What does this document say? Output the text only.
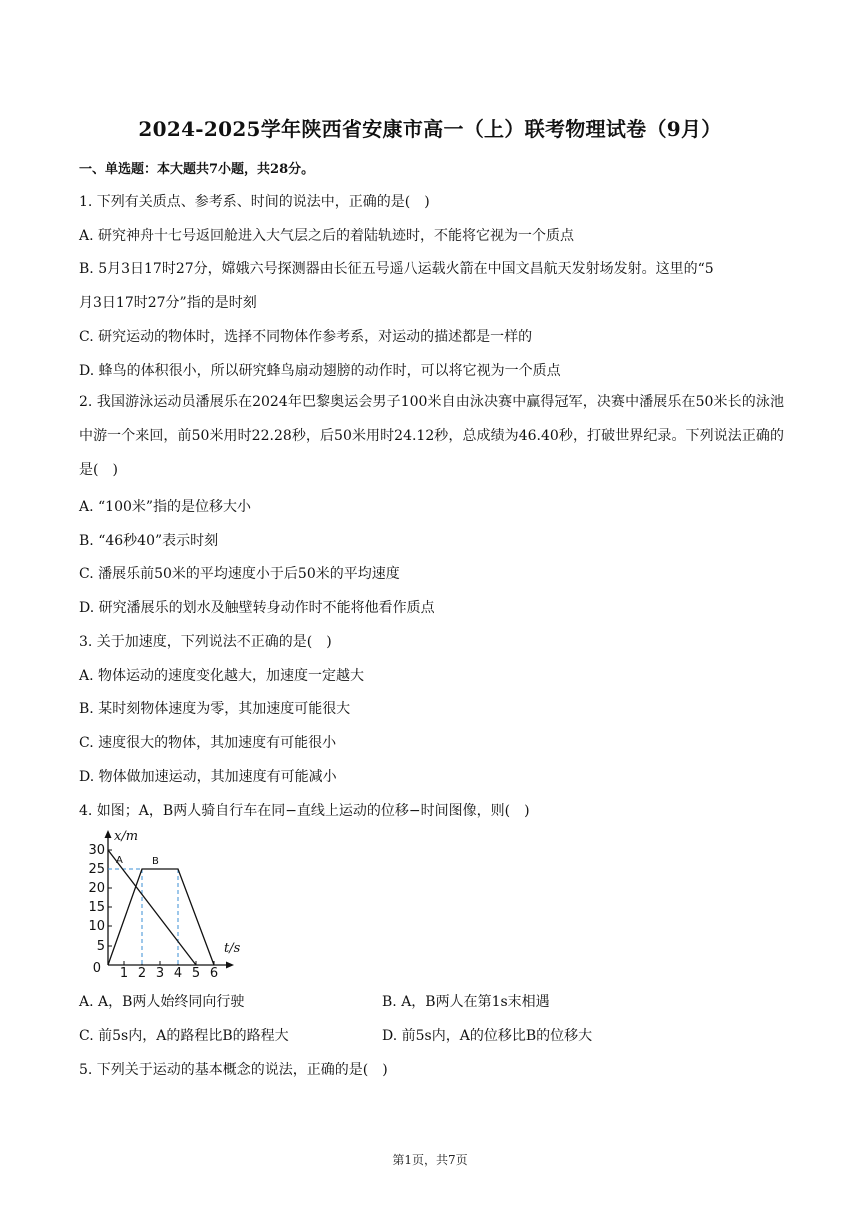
2024-2025学年陕西省安康市高一（上）联考物理试卷（9月）
一、单选题：本大题共7小题，共28分。
1. 下列有关质点、参考系、时间的说法中，正确的是(　)
A. 研究神舟十七号返回舱进入大气层之后的着陆轨迹时，不能将它视为一个质点
B. 5月3日17时27分，嫦娥六号探测器由长征五号遥八运载火箭在中国文昌航天发射场发射。这里的“5
月3日17时27分”指的是时刻
C. 研究运动的物体时，选择不同物体作参考系，对运动的描述都是一样的
D. 蜂鸟的体积很小，所以研究蜂鸟扇动翅膀的动作时，可以将它视为一个质点
2. 我国游泳运动员潘展乐在2024年巴黎奥运会男子100米自由泳决赛中赢得冠军，决赛中潘展乐在50米长的泳池中游一个来回，前50米用时22.28秒，后50米用时24.12秒，总成绩为46.40秒，打破世界纪录。下列说法正确的是(　)
A. “100米”指的是位移大小
B. “46秒40”表示时刻
C. 潘展乐前50米的平均速度小于后50米的平均速度
D. 研究潘展乐的划水及触壁转身动作时不能将他看作质点
3. 关于加速度，下列说法不正确的是(　)
A. 物体运动的速度变化越大，加速度一定越大
B. 某时刻物体速度为零，其加速度可能很大
C. 速度很大的物体，其加速度有可能很小
D. 物体做加速运动，其加速度有可能减小
4. 如图；A，B两人骑自行车在同−直线上运动的位移−时间图像，则(　)
x/m
t/s
A	B
30
25
20
15
10
5
0 1 2 3 4 5 6
A. A，B两人始终同向行驶	B. A，B两人在第1s末相遇
C. 前5s内，A的路程比B的路程大	D. 前5s内，A的位移比B的位移大
5. 下列关于运动的基本概念的说法，正确的是(　)
第1页，共7页
